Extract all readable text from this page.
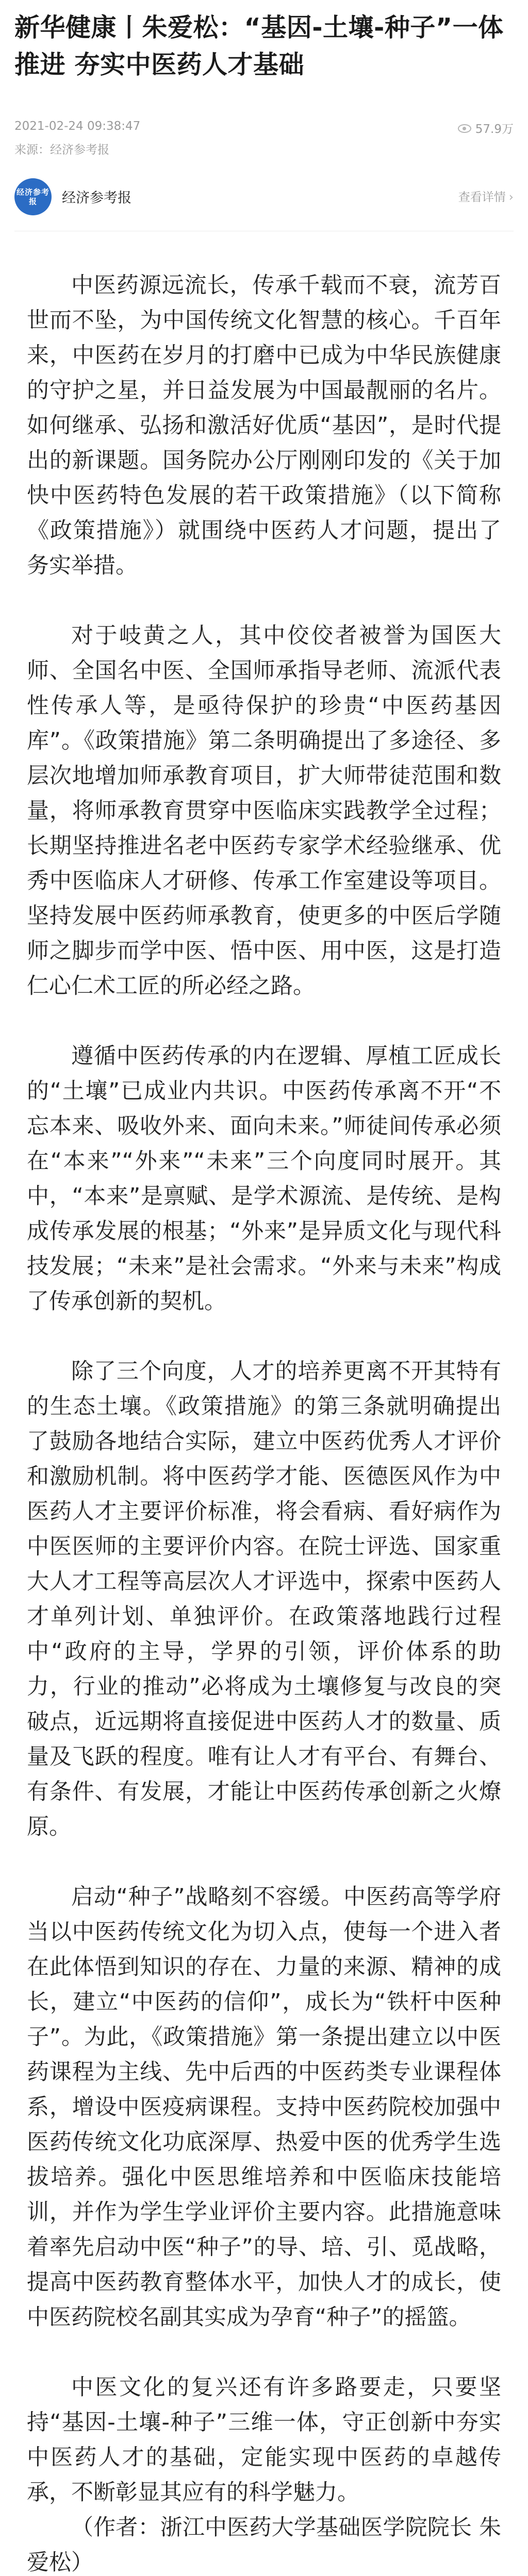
新华健康丨朱爱松：“基因-土壤-种子”一体推进 夯实中医药人才基础
2021-02-24 09:38:47	57.9万
来源：经济参考报
经济参考报	经济参考报	查看详情 ›

中医药源远流长，传承千载而不衰，流芳百世而不坠，为中国传统文化智慧的核心。千百年来，中医药在岁月的打磨中已成为中华民族健康的守护之星，并日益发展为中国最靓丽的名片。如何继承、弘扬和激活好优质“基因”，是时代提出的新课题。国务院办公厅刚刚印发的《关于加快中医药特色发展的若干政策措施》（以下简称《政策措施》）就围绕中医药人才问题，提出了务实举措。

对于岐黄之人，其中佼佼者被誉为国医大师、全国名中医、全国师承指导老师、流派代表性传承人等，是亟待保护的珍贵“中医药基因库”。《政策措施》第二条明确提出了多途径、多层次地增加师承教育项目，扩大师带徒范围和数量，将师承教育贯穿中医临床实践教学全过程；长期坚持推进名老中医药专家学术经验继承、优秀中医临床人才研修、传承工作室建设等项目。坚持发展中医药师承教育，使更多的中医后学随师之脚步而学中医、悟中医、用中医，这是打造仁心仁术工匠的所必经之路。

遵循中医药传承的内在逻辑、厚植工匠成长的“土壤”已成业内共识。中医药传承离不开“不忘本来、吸收外来、面向未来。”师徒间传承必须在“本来”“外来”“未来”三个向度同时展开。其中，“本来”是禀赋、是学术源流、是传统、是构成传承发展的根基；“外来”是异质文化与现代科技发展；“未来”是社会需求。“外来与未来”构成了传承创新的契机。

除了三个向度，人才的培养更离不开其特有的生态土壤。《政策措施》的第三条就明确提出了鼓励各地结合实际，建立中医药优秀人才评价和激励机制。将中医药学才能、医德医风作为中医药人才主要评价标准，将会看病、看好病作为中医医师的主要评价内容。在院士评选、国家重大人才工程等高层次人才评选中，探索中医药人才单列计划、单独评价。在政策落地践行过程中“政府的主导，学界的引领，评价体系的助力，行业的推动”必将成为土壤修复与改良的突破点，近远期将直接促进中医药人才的数量、质量及飞跃的程度。唯有让人才有平台、有舞台、有条件、有发展，才能让中医药传承创新之火燎原。

启动“种子”战略刻不容缓。中医药高等学府当以中医药传统文化为切入点，使每一个进入者在此体悟到知识的存在、力量的来源、精神的成长，建立“中医药的信仰”，成长为“铁杆中医种子”。为此，《政策措施》第一条提出建立以中医药课程为主线、先中后西的中医药类专业课程体系，增设中医疫病课程。支持中医药院校加强中医药传统文化功底深厚、热爱中医的优秀学生选拔培养。强化中医思维培养和中医临床技能培训，并作为学生学业评价主要内容。此措施意味着率先启动中医“种子”的导、培、引、觅战略，提高中医药教育整体水平，加快人才的成长，使中医药院校名副其实成为孕育“种子”的摇篮。

中医文化的复兴还有许多路要走，只要坚持“基因-土壤-种子”三维一体，守正创新中夯实中医药人才的基础，定能实现中医药的卓越传承，不断彰显其应有的科学魅力。

（作者：浙江中医药大学基础医学院院长 朱爱松）
